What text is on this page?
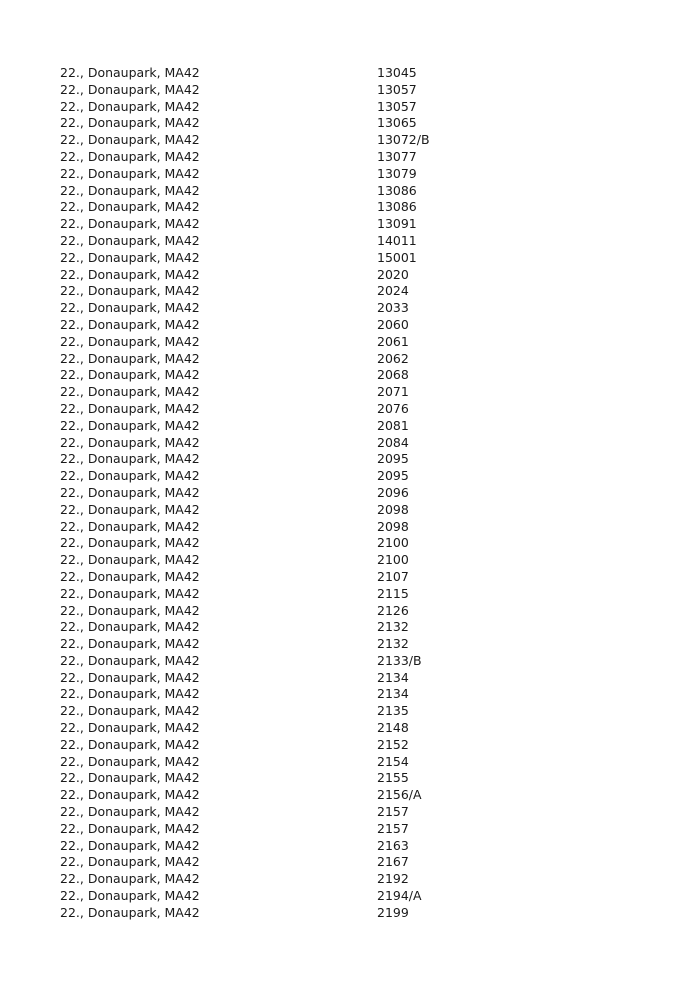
22., Donaupark, MA42	13045
22., Donaupark, MA42	13057
22., Donaupark, MA42	13057
22., Donaupark, MA42	13065
22., Donaupark, MA42	13072/B
22., Donaupark, MA42	13077
22., Donaupark, MA42	13079
22., Donaupark, MA42	13086
22., Donaupark, MA42	13086
22., Donaupark, MA42	13091
22., Donaupark, MA42	14011
22., Donaupark, MA42	15001
22., Donaupark, MA42	2020
22., Donaupark, MA42	2024
22., Donaupark, MA42	2033
22., Donaupark, MA42	2060
22., Donaupark, MA42	2061
22., Donaupark, MA42	2062
22., Donaupark, MA42	2068
22., Donaupark, MA42	2071
22., Donaupark, MA42	2076
22., Donaupark, MA42	2081
22., Donaupark, MA42	2084
22., Donaupark, MA42	2095
22., Donaupark, MA42	2095
22., Donaupark, MA42	2096
22., Donaupark, MA42	2098
22., Donaupark, MA42	2098
22., Donaupark, MA42	2100
22., Donaupark, MA42	2100
22., Donaupark, MA42	2107
22., Donaupark, MA42	2115
22., Donaupark, MA42	2126
22., Donaupark, MA42	2132
22., Donaupark, MA42	2132
22., Donaupark, MA42	2133/B
22., Donaupark, MA42	2134
22., Donaupark, MA42	2134
22., Donaupark, MA42	2135
22., Donaupark, MA42	2148
22., Donaupark, MA42	2152
22., Donaupark, MA42	2154
22., Donaupark, MA42	2155
22., Donaupark, MA42	2156/A
22., Donaupark, MA42	2157
22., Donaupark, MA42	2157
22., Donaupark, MA42	2163
22., Donaupark, MA42	2167
22., Donaupark, MA42	2192
22., Donaupark, MA42	2194/A
22., Donaupark, MA42	2199
